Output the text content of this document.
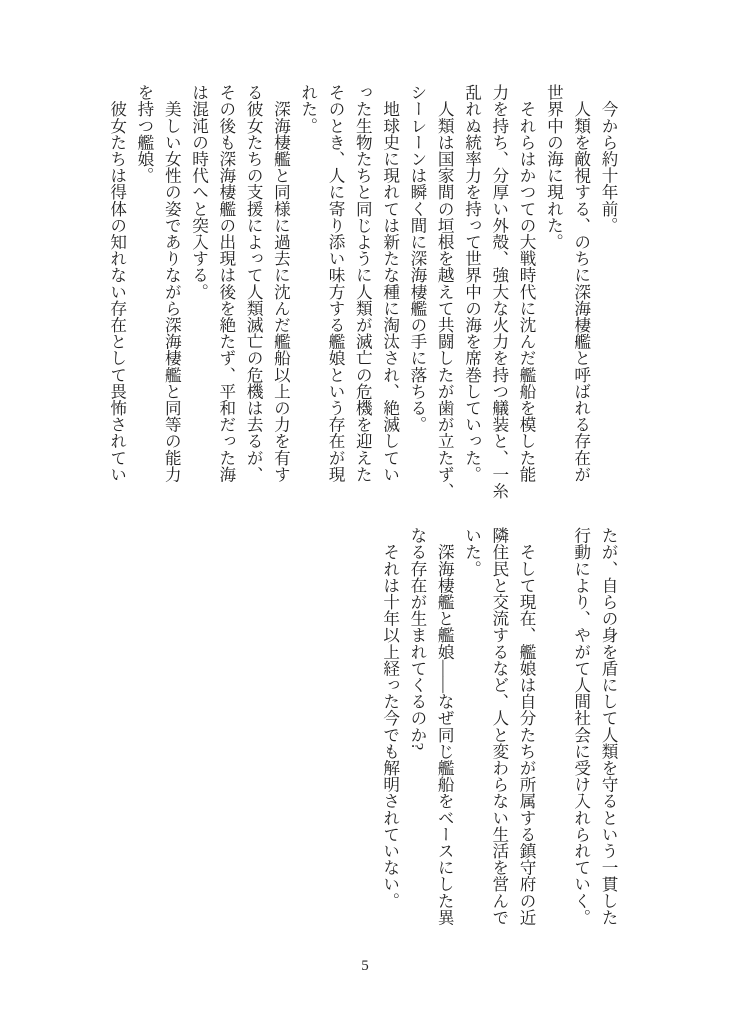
　今から約十年前。
　人類を敵視する、のちに深海棲艦と呼ばれる存在が
世界中の海に現れた。
　それらはかつての大戦時代に沈んだ艦船を模した能
力を持ち、分厚い外殻、強大な火力を持つ艤装と、一糸
乱れぬ統率力を持って世界中の海を席巻していった。
　人類は国家間の垣根を越えて共闘したが歯が立たず、
シーレーンは瞬く間に深海棲艦の手に落ちる。
　地球史に現れては新たな種に淘汰され、絶滅してい
った生物たちと同じように人類が滅亡の危機を迎えた
そのとき、人に寄り添い味方する艦娘という存在が現
れた。
　深海棲艦と同様に過去に沈んだ艦船以上の力を有す
る彼女たちの支援によって人類滅亡の危機は去るが、
その後も深海棲艦の出現は後を絶たず、平和だった海
は混沌の時代へと突入する。
　美しい女性の姿でありながら深海棲艦と同等の能力
を持つ艦娘。
　彼女たちは得体の知れない存在として畏怖されてい
たが、自らの身を盾にして人類を守るという一貫した
行動により、やがて人間社会に受け入れられていく。

　そして現在、艦娘は自分たちが所属する鎮守府の近
隣住民と交流するなど、人と変わらない生活を営んで
いた。
　深海棲艦と艦娘――なぜ同じ艦船をベースにした異
なる存在が生まれてくるのか?
　それは十年以上経った今でも解明されていない。
5
